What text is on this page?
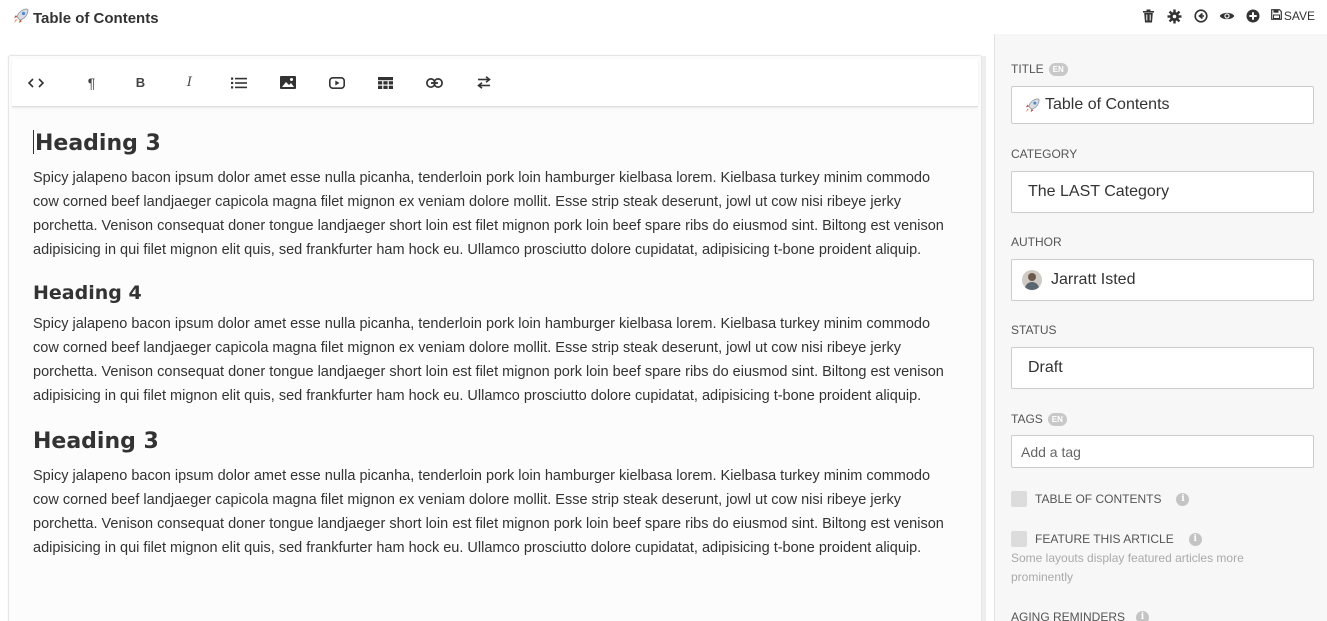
Table of Contents	SAVE
¶	B	I
Heading 3

Spicy jalapeno bacon ipsum dolor amet esse nulla picanha, tenderloin pork loin hamburger kielbasa lorem. Kielbasa turkey minim commodo cow corned beef landjaeger capicola magna filet mignon ex veniam dolore mollit. Esse strip steak deserunt, jowl ut cow nisi ribeye jerky porchetta. Venison consequat doner tongue landjaeger short loin est filet mignon pork loin beef spare ribs do eiusmod sint. Biltong est venison adipisicing in qui filet mignon elit quis, sed frankfurter ham hock eu. Ullamco prosciutto dolore cupidatat, adipisicing t-bone proident aliquip.

Heading 4

Spicy jalapeno bacon ipsum dolor amet esse nulla picanha, tenderloin pork loin hamburger kielbasa lorem. Kielbasa turkey minim commodo cow corned beef landjaeger capicola magna filet mignon ex veniam dolore mollit. Esse strip steak deserunt, jowl ut cow nisi ribeye jerky porchetta. Venison consequat doner tongue landjaeger short loin est filet mignon pork loin beef spare ribs do eiusmod sint. Biltong est venison adipisicing in qui filet mignon elit quis, sed frankfurter ham hock eu. Ullamco prosciutto dolore cupidatat, adipisicing t-bone proident aliquip.

Heading 3

Spicy jalapeno bacon ipsum dolor amet esse nulla picanha, tenderloin pork loin hamburger kielbasa lorem. Kielbasa turkey minim commodo cow corned beef landjaeger capicola magna filet mignon ex veniam dolore mollit. Esse strip steak deserunt, jowl ut cow nisi ribeye jerky porchetta. Venison consequat doner tongue landjaeger short loin est filet mignon pork loin beef spare ribs do eiusmod sint. Biltong est venison adipisicing in qui filet mignon elit quis, sed frankfurter ham hock eu. Ullamco prosciutto dolore cupidatat, adipisicing t-bone proident aliquip.

TITLE	EN
Table of Contents
CATEGORY
The LAST Category
AUTHOR
Jarratt Isted
STATUS
Draft
TAGS	EN
Add a tag
TABLE OF CONTENTS	i
FEATURE THIS ARTICLE	i
Some layouts display featured articles more prominently
AGING REMINDERS	i
